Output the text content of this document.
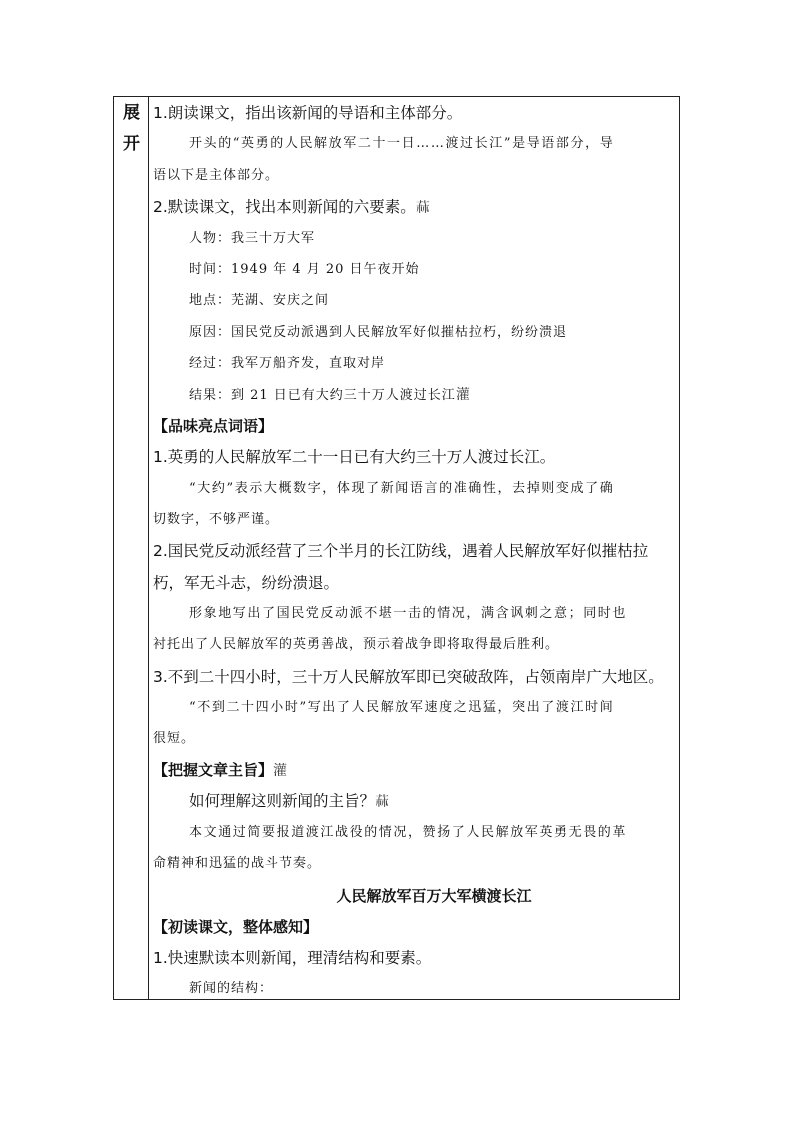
展
开
1.朗读课文，指出该新闻的导语和主体部分。
开头的“英勇的人民解放军二十一日……渡过长江”是导语部分，导
语以下是主体部分。
2.默读课文，找出本则新闻的六要素。𦱍
人物：我三十万大军
时间：1949 年 4 月 20 日午夜开始
地点：芜湖、安庆之间
原因：国民党反动派遇到人民解放军好似摧枯拉朽，纷纷溃退
经过：我军万船齐发，直取对岸
结果：到 21 日已有大约三十万人渡过长江灌
【品味亮点词语】
1.英勇的人民解放军二十一日已有大约三十万人渡过长江。
“大约”表示大概数字，体现了新闻语言的准确性，去掉则变成了确
切数字，不够严谨。
2.国民党反动派经营了三个半月的长江防线，遇着人民解放军好似摧枯拉
朽，军无斗志，纷纷溃退。
形象地写出了国民党反动派不堪一击的情况，满含讽刺之意；同时也
衬托出了人民解放军的英勇善战，预示着战争即将取得最后胜利。
3.不到二十四小时，三十万人民解放军即已突破敌阵，占领南岸广大地区。
“不到二十四小时”写出了人民解放军速度之迅猛，突出了渡江时间
很短。
【把握文章主旨】灌
如何理解这则新闻的主旨？𦱍
本文通过简要报道渡江战役的情况，赞扬了人民解放军英勇无畏的革
命精神和迅猛的战斗节奏。
人民解放军百万大军横渡长江
【初读课文，整体感知】
1.快速默读本则新闻，理清结构和要素。
新闻的结构：
